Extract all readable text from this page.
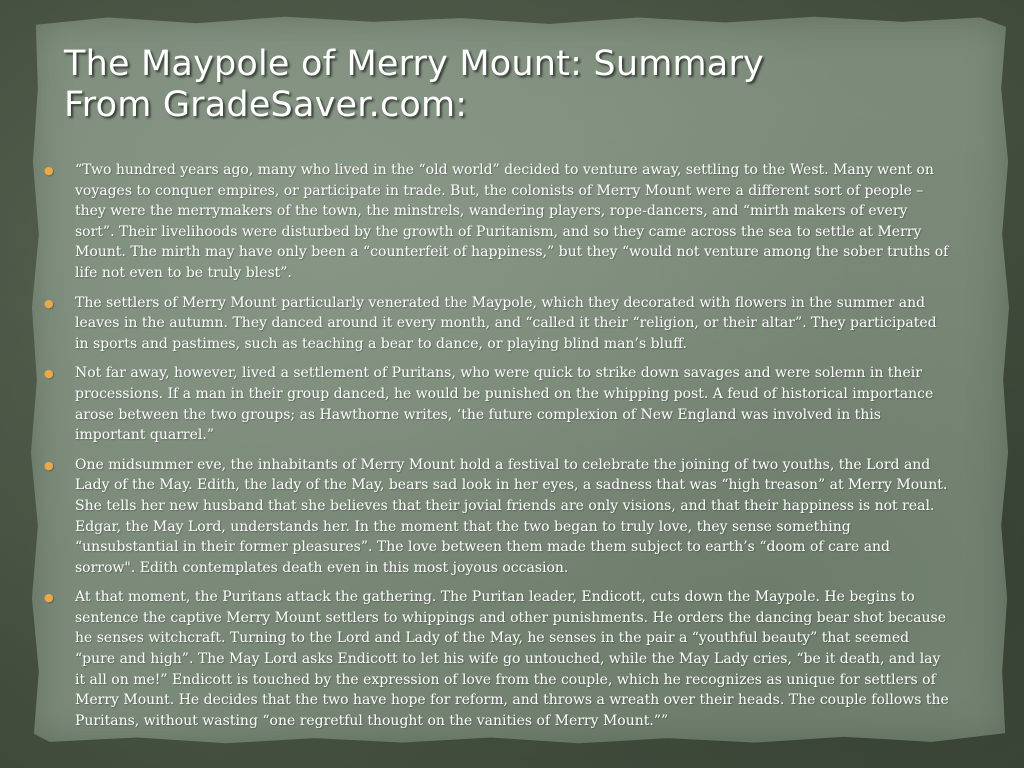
The Maypole of Merry Mount: Summary
From GradeSaver.com:
● “Two hundred years ago, many who lived in the “old world” decided to venture away, settling to the West. Many went on voyages to conquer empires, or participate in trade. But, the colonists of Merry Mount were a different sort of people – they were the merrymakers of the town, the minstrels, wandering players, rope-dancers, and “mirth makers of every sort”. Their livelihoods were disturbed by the growth of Puritanism, and so they came across the sea to settle at Merry Mount. The mirth may have only been a “counterfeit of happiness,” but they “would not venture among the sober truths of life not even to be truly blest”.
● The settlers of Merry Mount particularly venerated the Maypole, which they decorated with flowers in the summer and leaves in the autumn. They danced around it every month, and “called it their “religion, or their altar”. They participated in sports and pastimes, such as teaching a bear to dance, or playing blind man’s bluff.
● Not far away, however, lived a settlement of Puritans, who were quick to strike down savages and were solemn in their processions. If a man in their group danced, he would be punished on the whipping post. A feud of historical importance arose between the two groups; as Hawthorne writes, ‘the future complexion of New England was involved in this important quarrel.”
● One midsummer eve, the inhabitants of Merry Mount hold a festival to celebrate the joining of two youths, the Lord and Lady of the May. Edith, the lady of the May, bears sad look in her eyes, a sadness that was “high treason” at Merry Mount. She tells her new husband that she believes that their jovial friends are only visions, and that their happiness is not real. Edgar, the May Lord, understands her. In the moment that the two began to truly love, they sense something “unsubstantial in their former pleasures”. The love between them made them subject to earth’s “doom of care and sorrow". Edith contemplates death even in this most joyous occasion.
● At that moment, the Puritans attack the gathering. The Puritan leader, Endicott, cuts down the Maypole. He begins to sentence the captive Merry Mount settlers to whippings and other punishments. He orders the dancing bear shot because he senses witchcraft. Turning to the Lord and Lady of the May, he senses in the pair a “youthful beauty” that seemed “pure and high”. The May Lord asks Endicott to let his wife go untouched, while the May Lady cries, “be it death, and lay it all on me!” Endicott is touched by the expression of love from the couple, which he recognizes as unique for settlers of Merry Mount. He decides that the two have hope for reform, and throws a wreath over their heads. The couple follows the Puritans, without wasting “one regretful thought on the vanities of Merry Mount.””
